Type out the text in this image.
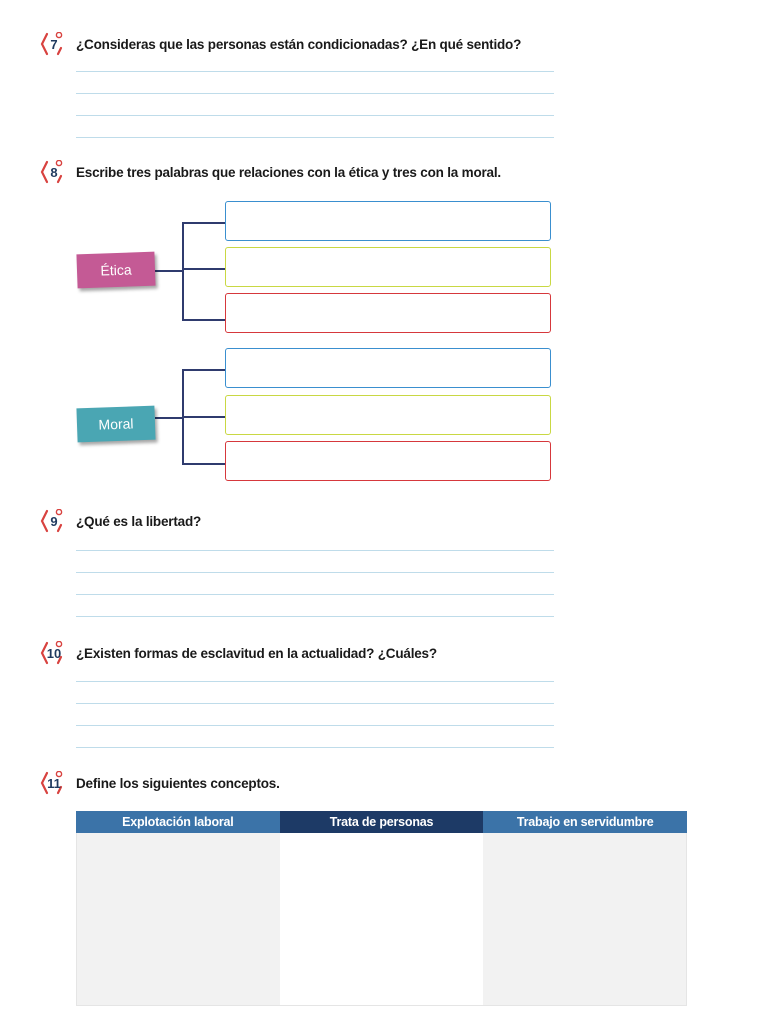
7 ¿Consideras que las personas están condicionadas? ¿En qué sentido?
8 Escribe tres palabras que relaciones con la ética y tres con la moral.
Ética
Moral
9 ¿Qué es la libertad?
10 ¿Existen formas de esclavitud en la actualidad? ¿Cuáles?
11 Define los siguientes conceptos.
Explotación laboral	Trata de personas	Trabajo en servidumbre
